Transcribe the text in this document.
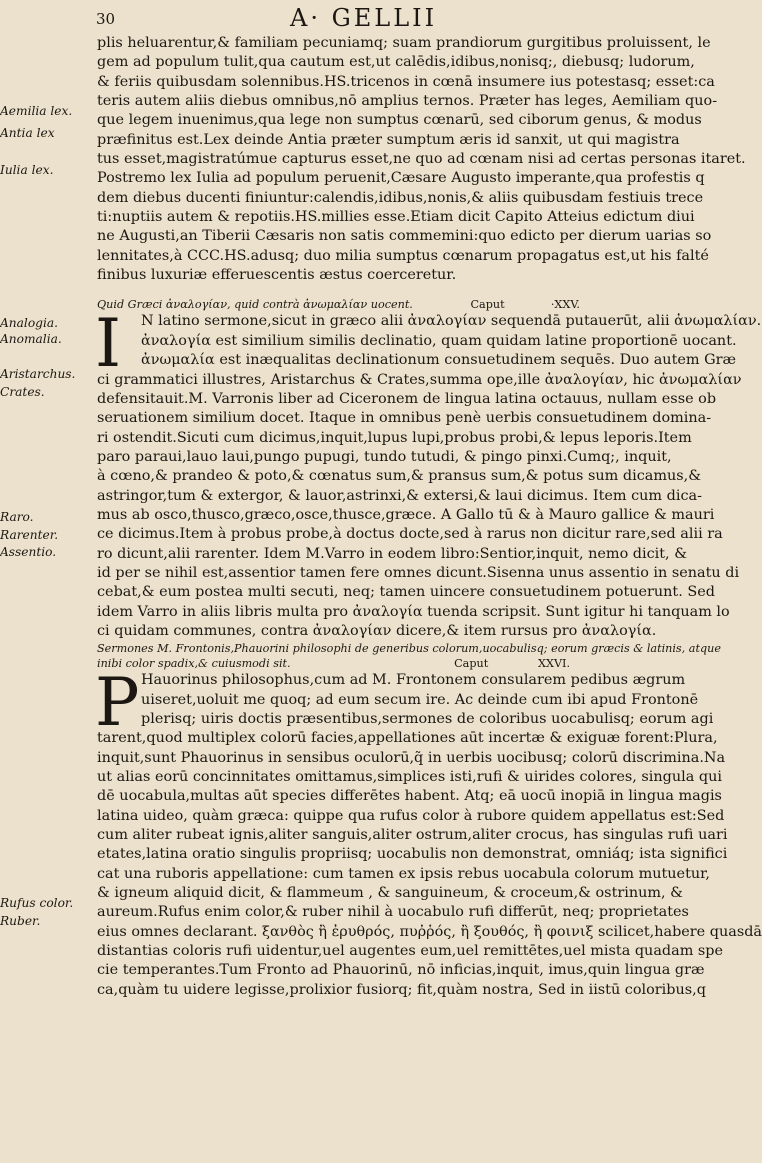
30	A· GELLII
Aemilia lex.
Antia lex
Iulia lex.
Analogia.
Anomalia.
Aristarchus.
Crates.
Raro.
Rarenter.
Assentio.
Rufus color.
Ruber.
plis heluarentur,& familiam pecuniamq; suam prandiorum gurgitibus proluissent, le
gem ad populum tulit,qua cautum est,ut calēdis,idibus,nonisq;, diebusq; ludorum,
& feriis quibusdam solennibus.HS.tricenos in cœnā insumere ius potestasq; esset:ca
teris autem aliis diebus omnibus,nō amplius ternos. Præter has leges, Aemiliam quo-
que legem inuenimus,qua lege non sumptus cœnarū, sed ciborum genus, & modus
præfinitus est.Lex deinde Antia præter sumptum æris id sanxit, ut qui magistra
tus esset,magistratúmue capturus esset,ne quo ad cœnam nisi ad certas personas itaret.
Postremo lex Iulia ad populum peruenit,Cæsare Augusto imperante,qua profestis q
dem diebus ducenti finiuntur:calendis,idibus,nonis,& aliis quibusdam festiuis trece
ti:nuptiis autem & repotiis.HS.millies esse.Etiam dicit Capito Atteius edictum diui
ne Augusti,an Tiberii Cæsaris non satis commemini:quo edicto per dierum uarias so
lennitates,à CCC.HS.adusq; duo milia sumptus cœnarum propagatus est,ut his falté
finibus luxuriæ efferuescentis æstus coerceretur.
Quid Græci ἀναλογίαν, quid contrà ἀνωμαλίαν uocent.	Caput	·XXV.
I	N latino sermone,sicut in græco alii ἀναλογίαν sequendā putauerūt, alii ἀνωμαλίαν.
ἀναλογία est similium similis declinatio, quam quidam latine proportionē uocant.
ἀνωμαλία est inæqualitas declinationum consuetudinem sequēs. Duo autem Græ
ci grammatici illustres, Aristarchus & Crates,summa ope,ille ἀναλογίαν, hic ἀνωμαλίαν
defensitauit.M. Varronis liber ad Ciceronem de lingua latina octauus, nullam esse ob
seruationem similium docet. Itaque in omnibus penè uerbis consuetudinem domina-
ri ostendit.Sicuti cum dicimus,inquit,lupus lupi,probus probi,& lepus leporis.Item
paro paraui,lauo laui,pungo pupugi, tundo tutudi, & pingo pinxi.Cumq;, inquit,
à cœno,& prandeo & poto,& cœnatus sum,& pransus sum,& potus sum dicamus,&
astringor,tum & extergor, & lauor,astrinxi,& extersi,& laui dicimus. Item cum dica-
mus ab osco,thusco,græco,osce,thusce,græce. A Gallo tū & à Mauro gallice & mauri
ce dicimus.Item à probus probe,à doctus docte,sed à rarus non dicitur rare,sed alii ra
ro dicunt,alii rarenter. Idem M.Varro in eodem libro:Sentior,inquit, nemo dicit, &
id per se nihil est,assentior tamen fere omnes dicunt.Sisenna unus assentio in senatu di
cebat,& eum postea multi secuti, neq; tamen uincere consuetudinem potuerunt. Sed
idem Varro in aliis libris multa pro ἀναλογία tuenda scripsit. Sunt igitur hi tanquam lo
ci quidam communes, contra ἀναλογίαν dicere,& item rursus pro ἀναλογία.
Sermones M. Frontonis,Phauorini philosophi de generibus colorum,uocabulisq; eorum græcis & latinis, atque
inibi color spadix,& cuiusmodi sit.	Caput	XXVI.
P Hauorinus philosophus,cum ad M. Frontonem consularem pedibus ægrum
uiseret,uoluit me quoq; ad eum secum ire. Ac deinde cum ibi apud Frontonē
plerisq; uiris doctis præsentibus,sermones de coloribus uocabulisq; eorum agi
tarent,quod multiplex colorū facies,appellationes aūt incertæ & exiguæ forent:Plura,
inquit,sunt Phauorinus in sensibus oculorū,q̃ in uerbis uocibusq; colorū discrimina.Na
ut alias eorū concinnitates omittamus,simplices isti,rufi & uirides colores, singula qui
dē uocabula,multas aūt species differētes habent. Atq; eā uocū inopiā in lingua magis
latina uideo, quàm græca: quippe qua rufus color à rubore quidem appellatus est:Sed
cum aliter rubeat ignis,aliter sanguis,aliter ostrum,aliter crocus, has singulas rufi uari
etates,latina oratio singulis propriisq; uocabulis non demonstrat, omniáq; ista significi
cat una ruboris appellatione: cum tamen ex ipsis rebus uocabula colorum mutuetur,
& igneum aliquid dicit, & flammeum , & sanguineum, & croceum,& ostrinum, &
aureum.Rufus enim color,& ruber nihil à uocabulo rufi differūt, neq; proprietates
eius omnes declarant. ξανθὸς ἢ ἐρυθρός, πυῤῥός, ἢ ξουθός, ἢ φοινιξ scilicet,habere quasdā
distantias coloris rufi uidentur,uel augentes eum,uel remittētes,uel mista quadam spe
cie temperantes.Tum Fronto ad Phauorinū, nō inficias,inquit, imus,quin lingua græ
ca,quàm tu uidere legisse,prolixior fusiorq; fit,quàm nostra, Sed in iistū coloribus,q
